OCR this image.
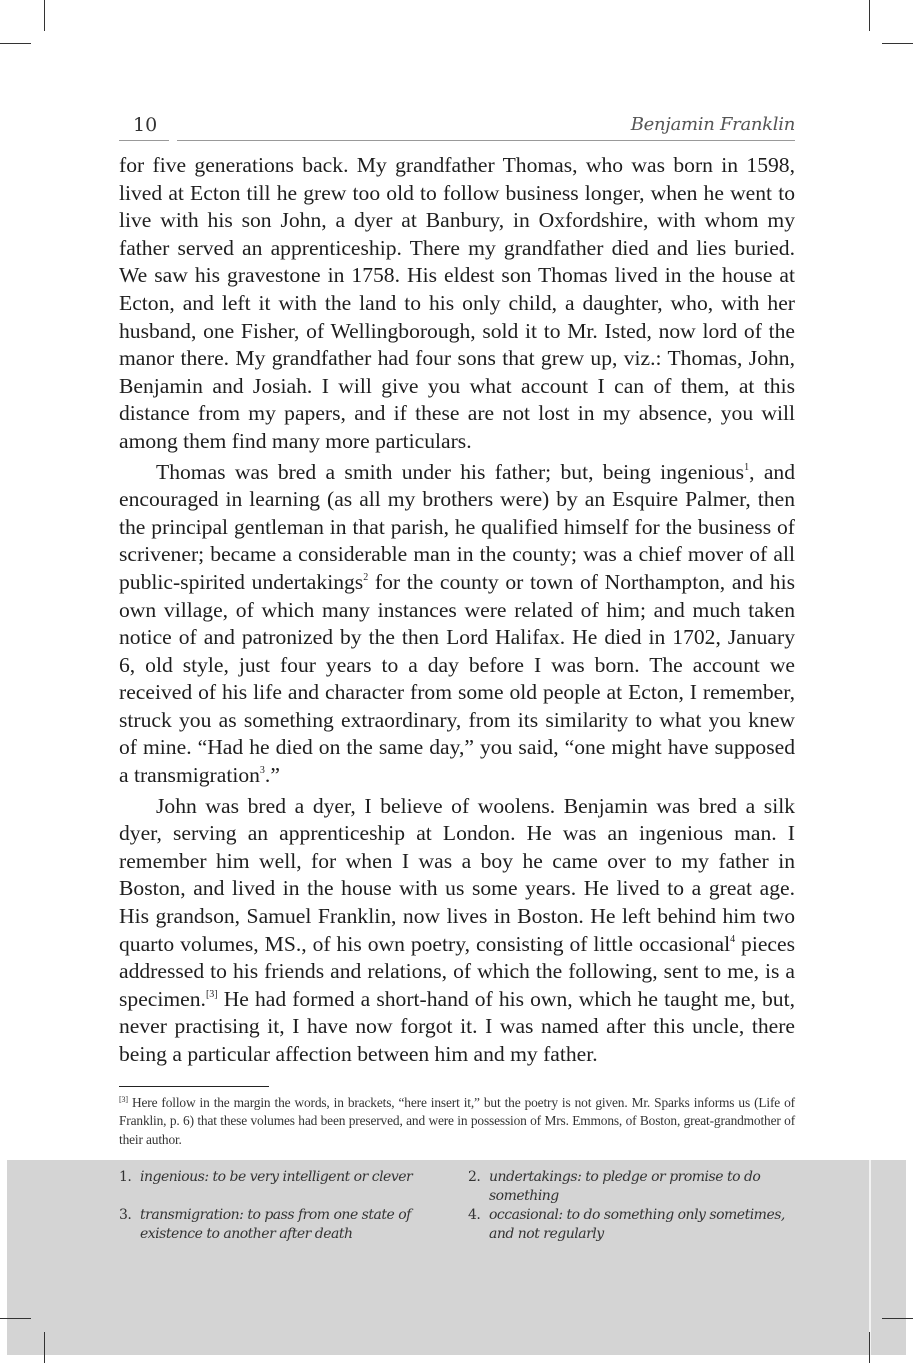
10	Benjamin Franklin

for five generations back. My grandfather Thomas, who was born in 1598, lived at Ecton till he grew too old to follow business longer, when he went to live with his son John, a dyer at Banbury, in Oxfordshire, with whom my father served an apprenticeship. There my grandfather died and lies buried. We saw his gravestone in 1758. His eldest son Thomas lived in the house at Ecton, and left it with the land to his only child, a daughter, who, with her husband, one Fisher, of Wellingborough, sold it to Mr. Isted, now lord of the manor there. My grandfather had four sons that grew up, viz.: Thomas, John, Benjamin and Josiah. I will give you what account I can of them, at this distance from my papers, and if these are not lost in my absence, you will among them find many more particulars.

Thomas was bred a smith under his father; but, being ingenious$^1$, and encouraged in learning (as all my brothers were) by an Esquire Palmer, then the principal gentleman in that parish, he qualified himself for the business of scrivener; became a considerable man in the county; was a chief mover of all public-spirited undertakings$^2$ for the county or town of Northampton, and his own village, of which many instances were related of him; and much taken notice of and patronized by the then Lord Halifax. He died in 1702, January 6, old style, just four years to a day before I was born. The account we received of his life and character from some old people at Ecton, I remember, struck you as something extraordinary, from its similarity to what you knew of mine. “Had he died on the same day,” you said, “one might have supposed a transmigration$^3$.”

John was bred a dyer, I believe of woolens. Benjamin was bred a silk dyer, serving an apprenticeship at London. He was an ingenious man. I remember him well, for when I was a boy he came over to my father in Boston, and lived in the house with us some years. He lived to a great age. His grandson, Samuel Franklin, now lives in Boston. He left behind him two quarto volumes, MS., of his own poetry, consisting of little occasional$^4$ pieces addressed to his friends and relations, of which the following, sent to me, is a specimen.[3] He had formed a short-hand of his own, which he taught me, but, never practising it, I have now forgot it. I was named after this uncle, there being a particular affection between him and my father.

[3] Here follow in the margin the words, in brackets, “here insert it,” but the poetry is not given. Mr. Sparks informs us (Life of Franklin, p. 6) that these volumes had been preserved, and were in possession of Mrs. Emmons, of Boston, great-grandmother of their author.
1. ingenious: to be very intelligent or clever	2. undertakings: to pledge or promise to do something
3. transmigration: to pass from one state of existence to another after death
4. occasional: to do something only sometimes, and not regularly
